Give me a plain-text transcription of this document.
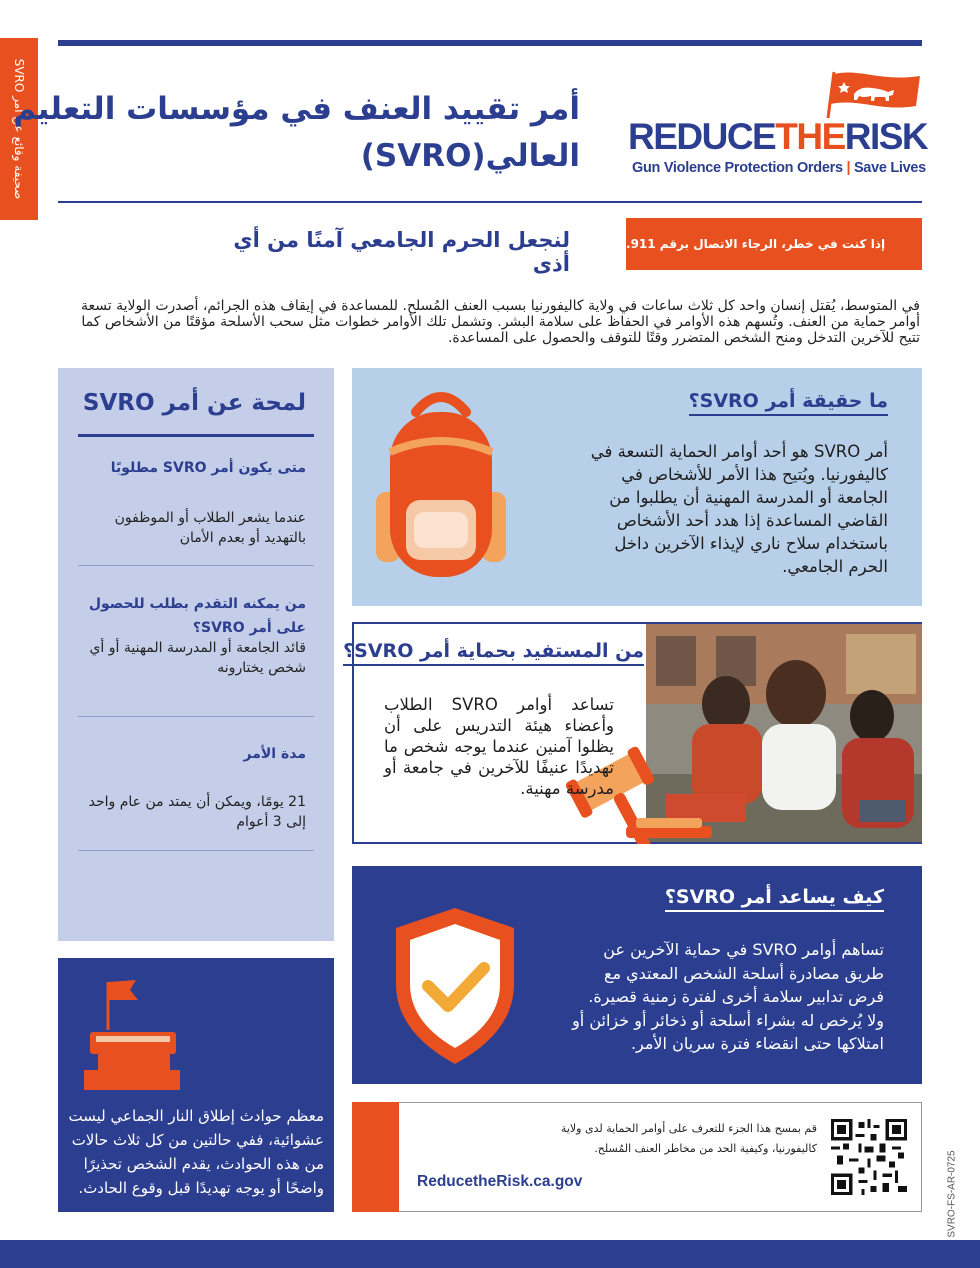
صحيفة وقائع عن أمر SVRO	REDUCETHERISK
Gun Violence Protection Orders | Save Lives
أمر تقييد العنف في مؤسسات التعليم
العالي(SVRO)
إذا كنت في خطر، الرجاء الاتصال برقم 911.
لنجعل الحرم الجامعي آمنًا من أي أذى
في المتوسط، يُقتل إنسان واحد كل ثلاث ساعات في ولاية كاليفورنيا بسبب العنف المُسلح. للمساعدة في إيقاف هذه الجرائم، أصدرت الولاية تسعة أوامر حماية من العنف. وتُسهم هذه الأوامر في الحفاظ على سلامة البشر. وتشمل تلك الأوامر خطوات مثل سحب الأسلحة مؤقتًا من الأشخاص كما تتيح للآخرين التدخل ومنح الشخص المتضرر وقتًا للتوقف والحصول على المساعدة.
لمحة عن أمر SVRO
متى يكون أمر SVRO مطلوبًا
عندما يشعر الطلاب أو الموظفون بالتهديد أو بعدم الأمان
من يمكنه التقدم بطلب للحصول على أمر SVRO؟
قائد الجامعة أو المدرسة المهنية أو أي شخص يختارونه
مدة الأمر
21 يومًا، ويمكن أن يمتد من عام واحد إلى 3 أعوام
معظم حوادث إطلاق النار الجماعي ليست عشوائية، ففي حالتين من كل ثلاث حالات من هذه الحوادث، يقدم الشخص تحذيرًا واضحًا أو يوجه تهديدًا قبل وقوع الحادث.
ما حقيقة أمر SVRO؟
أمر SVRO هو أحد أوامر الحماية التسعة في كاليفورنيا. ويُتيح هذا الأمر للأشخاص في الجامعة أو المدرسة المهنية أن يطلبوا من القاضي المساعدة إذا هدد أحد الأشخاص باستخدام سلاح ناري لإيذاء الآخرين داخل الحرم الجامعي.
من المستفيد بحماية أمر SVRO؟
تساعد أوامر SVRO الطلاب وأعضاء هيئة التدريس على أن يظلوا آمنين عندما يوجه شخص ما تهديدًا عنيفًا للآخرين في جامعة أو مدرسة مهنية.
كيف يساعد أمر SVRO؟
تساهم أوامر SVRO في حماية الآخرين عن طريق مصادرة أسلحة الشخص المعتدي مع فرض تدابير سلامة أخرى لفترة زمنية قصيرة. ولا يُرخص له بشراء أسلحة أو ذخائر أو خزائن أو امتلاكها حتى انقضاء فترة سريان الأمر.
قم بمسح هذا الجزء للتعرف على أوامر الحماية لدى ولاية كاليفورنيا، وكيفية الحد من مخاطر العنف المُسلح.
ReducetheRisk.ca.gov	SVRO-FS-AR-0725
